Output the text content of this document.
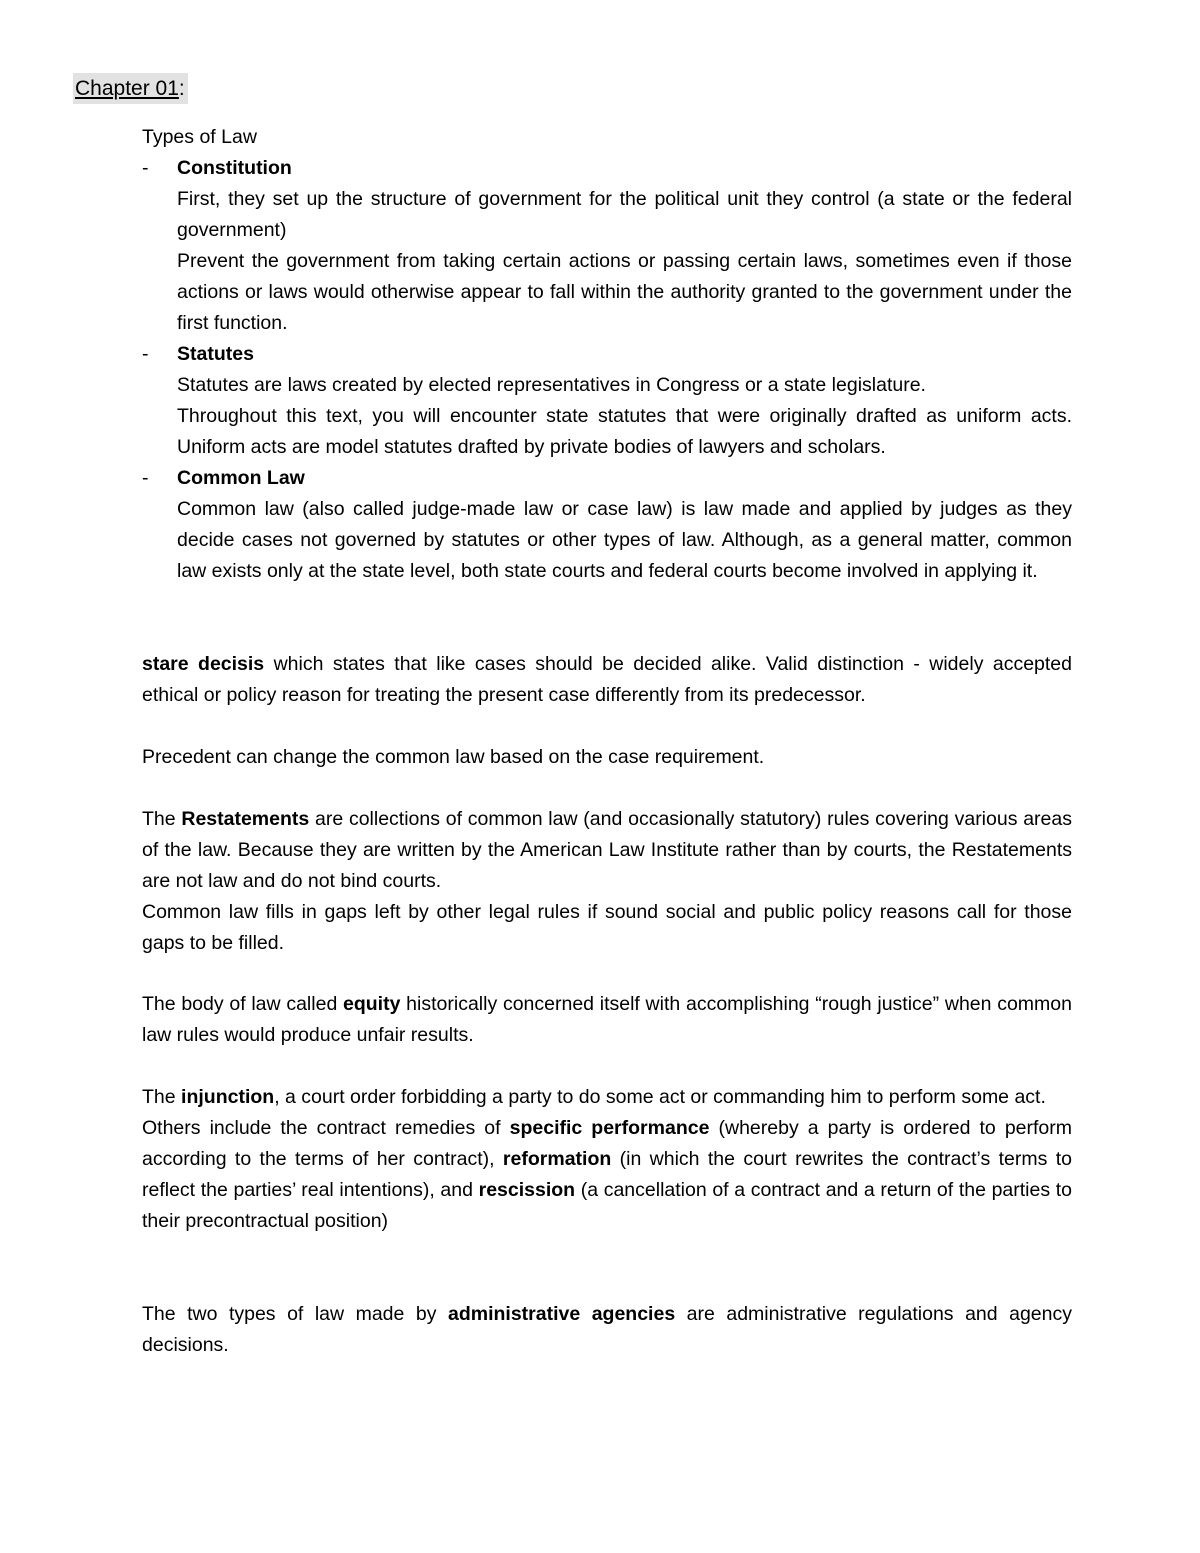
Chapter 01:

Types of Law

- Constitution

First, they set up the structure of government for the political unit they control (a state or the federal government)

Prevent the government from taking certain actions or passing certain laws, sometimes even if those actions or laws would otherwise appear to fall within the authority granted to the government under the first function.

- Statutes

Statutes are laws created by elected representatives in Congress or a state legislature.

Throughout this text, you will encounter state statutes that were originally drafted as uniform acts. Uniform acts are model statutes drafted by private bodies of lawyers and scholars.

- Common Law

Common law (also called judge-made law or case law) is law made and applied by judges as they decide cases not governed by statutes or other types of law. Although, as a general matter, common law exists only at the state level, both state courts and federal courts become involved in applying it.

stare decisis which states that like cases should be decided alike. Valid distinction - widely accepted ethical or policy reason for treating the present case differently from its predecessor.

Precedent can change the common law based on the case requirement.

The Restatements are collections of common law (and occasionally statutory) rules covering various areas of the law. Because they are written by the American Law Institute rather than by courts, the Restatements are not law and do not bind courts.

Common law fills in gaps left by other legal rules if sound social and public policy reasons call for those gaps to be filled.

The body of law called equity historically concerned itself with accomplishing “rough justice” when common law rules would produce unfair results.

The injunction, a court order forbidding a party to do some act or commanding him to perform some act.

Others include the contract remedies of specific performance (whereby a party is ordered to perform according to the terms of her contract), reformation (in which the court rewrites the contract’s terms to reflect the parties’ real intentions), and rescission (a cancellation of a contract and a return of the parties to their precontractual position)

The two types of law made by administrative agencies are administrative regulations and agency decisions.
